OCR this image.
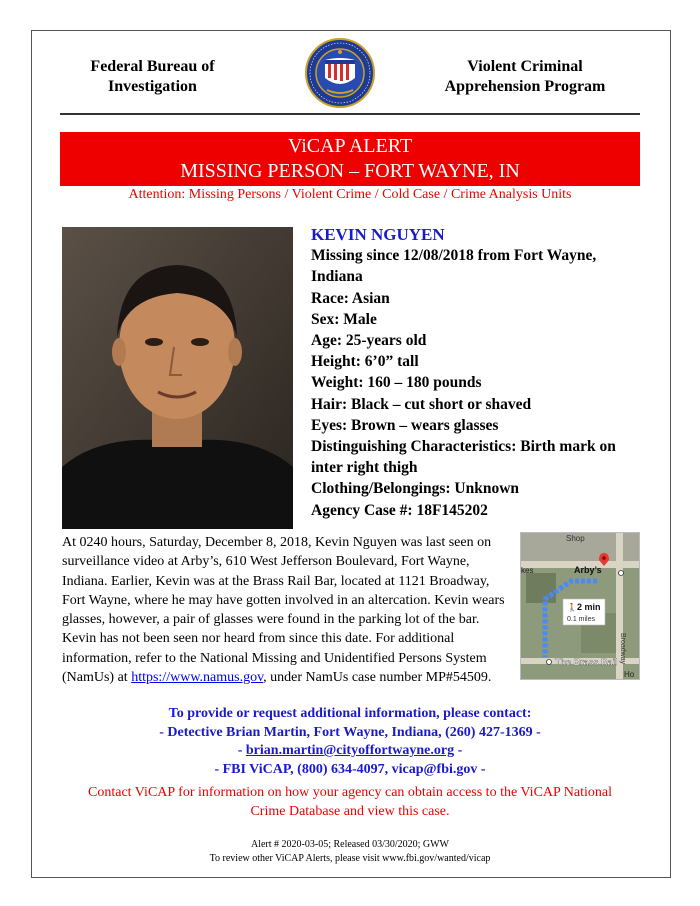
Federal Bureau of
Investigation
Violent Criminal
Apprehension Program
ViCAP ALERT
MISSING PERSON – FORT WAYNE, IN
Attention: Missing Persons / Violent Crime / Cold Case / Crime Analysis Units
KEVIN NGUYEN
Missing since 12/08/2018 from Fort Wayne, Indiana
Race: Asian
Sex: Male
Age: 25-years old
Height: 6’0” tall
Weight: 160 – 180 pounds
Hair: Black – cut short or shaved
Eyes: Brown – wears glasses
Distinguishing Characteristics: Birth mark on inter right thigh
Clothing/Belongings: Unknown
Agency Case #: 18F145202
At 0240 hours, Saturday, December 8, 2018, Kevin Nguyen was last seen on surveillance video at Arby’s, 610 West Jefferson Boulevard, Fort Wayne, Indiana. Earlier, Kevin was at the Brass Rail Bar, located at 1121 Broadway, Fort Wayne, where he may have gotten involved in an altercation. Kevin wears glasses, however, a pair of glasses were found in the parking lot of the bar. Kevin has not been seen nor heard from since this date. For additional information, refer to the National Missing and Unidentified Persons System (NamUs) at https://www.namus.gov, under NamUs case number MP#54509.
Shop
kes
Ho
Arby’s
🚶 2 min
0.1 miles
Broadway
The Brass Rail
To provide or request additional information, please contact:
- Detective Brian Martin, Fort Wayne, Indiana, (260) 427-1369 -
- brian.martin@cityoffortwayne.org -
- FBI ViCAP, (800) 634-4097, vicap@fbi.gov -
Contact ViCAP for information on how your agency can obtain access to the ViCAP National Crime Database and view this case.
Alert # 2020-03-05; Released 03/30/2020; GWW
To review other ViCAP Alerts, please visit www.fbi.gov/wanted/vicap
